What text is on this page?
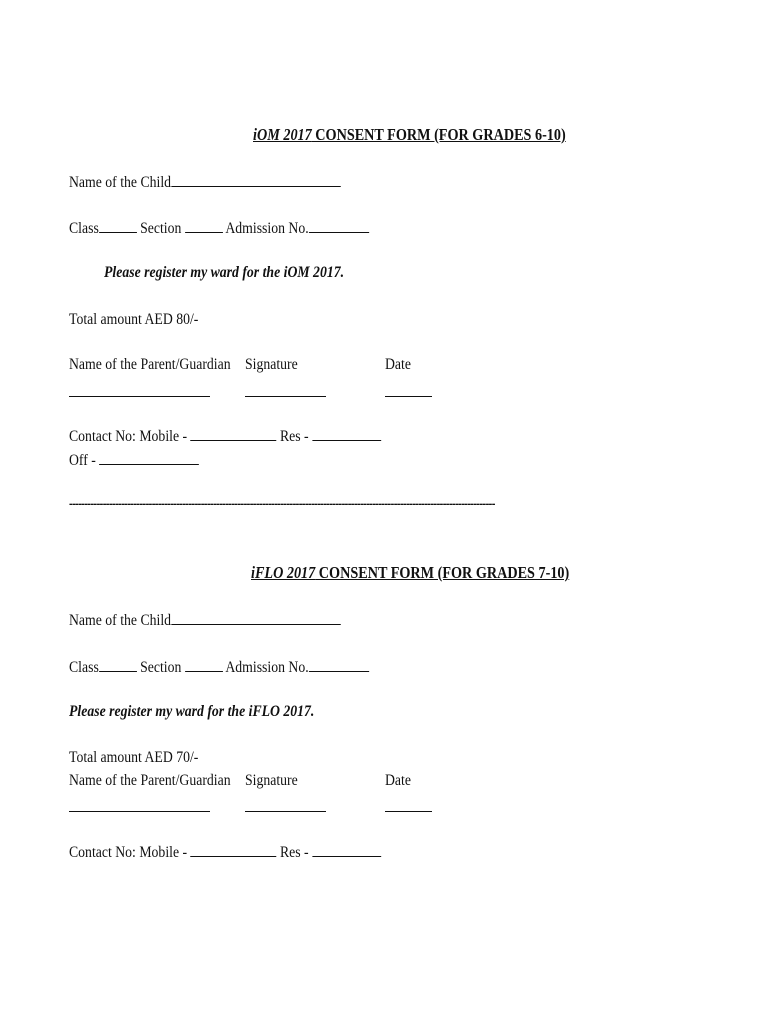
iOM 2017 CONSENT FORM (FOR GRADES 6-10)
Name of the Child
Class	Section	Admission No.
Please register my ward for the iOM 2017.
Total amount AED 80/-
Name of the Parent/Guardian Signature	Date
Contact No: Mobile -	Res -
Off -
-------------------------------------------------------------------------------------------------------------------------------------------
iFLO 2017 CONSENT FORM (FOR GRADES 7-10)
Name of the Child
Class	Section	Admission No.
Please register my ward for the iFLO 2017.
Total amount AED 70/-
Name of the Parent/Guardian Signature	Date
Contact No: Mobile -	Res -
